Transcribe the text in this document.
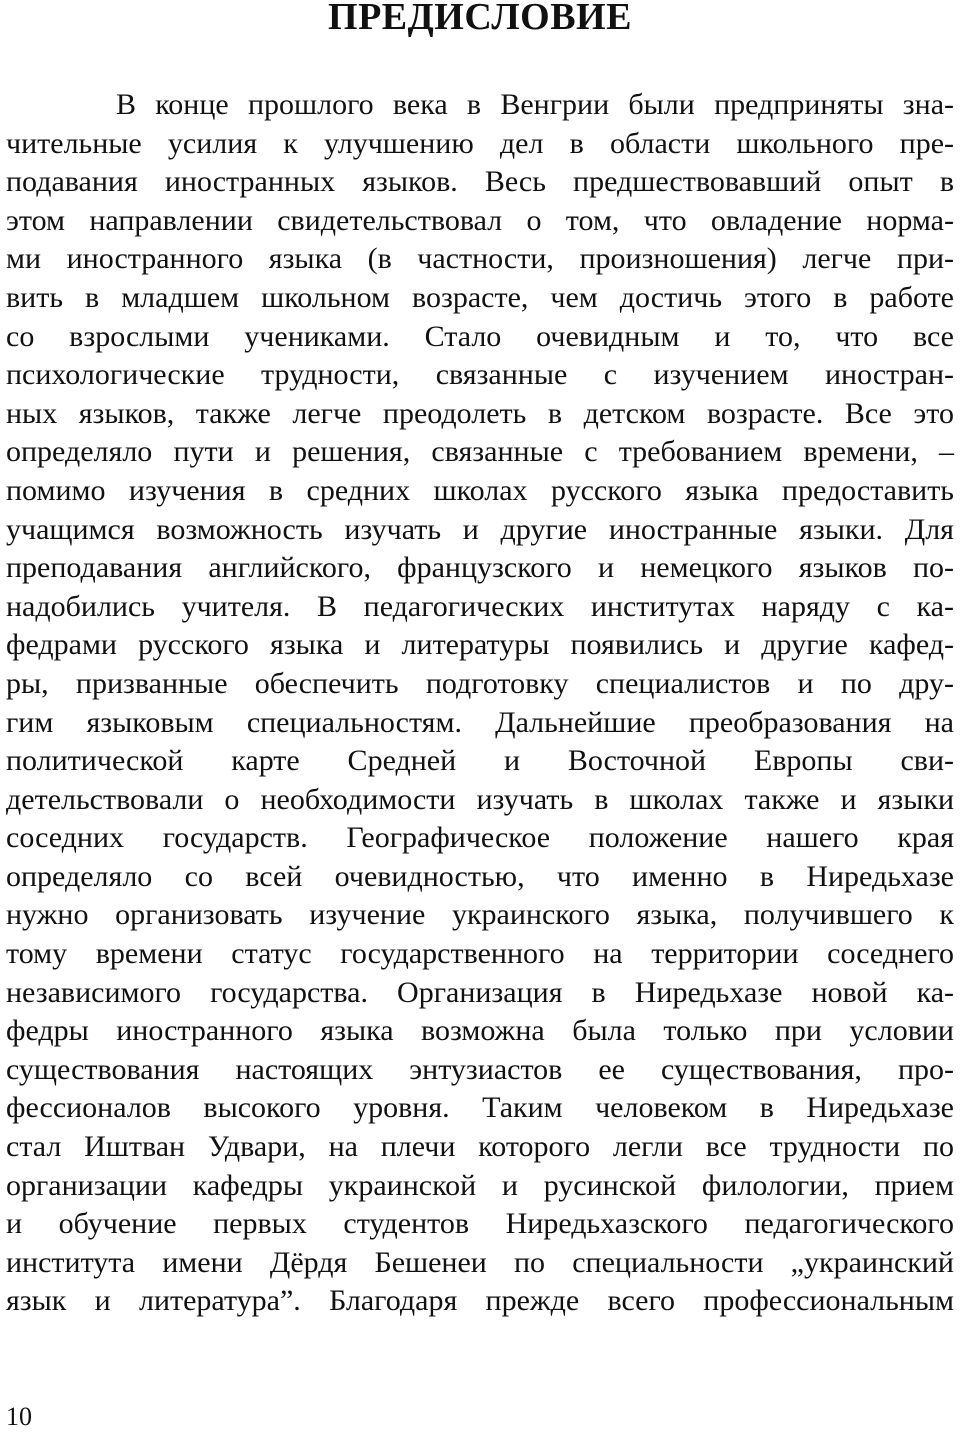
ПРЕДИСЛОВИЕ
В конце прошлого века в Венгрии были предприняты зна-
чительные усилия к улучшению дел в области школьного пре-
подавания иностранных языков. Весь предшествовавший опыт в
этом направлении свидетельствовал о том, что овладение норма-
ми иностранного языка (в частности, произношения) легче при-
вить в младшем школьном возрасте, чем достичь этого в работе
со взрослыми учениками. Стало очевидным и то, что все
психологические трудности, связанные с изучением иностран-
ных языков, также легче преодолеть в детском возрасте. Все это
определяло пути и решения, связанные с требованием времени, –
помимо изучения в средних школах русского языка предоставить
учащимся возможность изучать и другие иностранные языки. Для
преподавания английского, французского и немецкого языков по-
надобились учителя. В педагогических институтах наряду с ка-
федрами русского языка и литературы появились и другие кафед-
ры, призванные обеспечить подготовку специалистов и по дру-
гим языковым специальностям. Дальнейшие преобразования на
политической карте Средней и Восточной Европы сви-
детельствовали о необходимости изучать в школах также и языки
соседних государств. Географическое положение нашего края
определяло со всей очевидностью, что именно в Ниредьхазе
нужно организовать изучение украинского языка, получившего к
тому времени статус государственного на территории соседнего
независимого государства. Организация в Ниредьхазе новой ка-
федры иностранного языка возможна была только при условии
существования настоящих энтузиастов ее существования, про-
фессионалов высокого уровня. Таким человеком в Ниредьхазе
стал Иштван Удвари, на плечи которого легли все трудности по
организации кафедры украинской и русинской филологии, прием
и обучение первых студентов Ниредьхазского педагогического
института имени Дёрдя Бешенеи по специальности „украинский
язык и литература”. Благодаря прежде всего профессиональным
10
